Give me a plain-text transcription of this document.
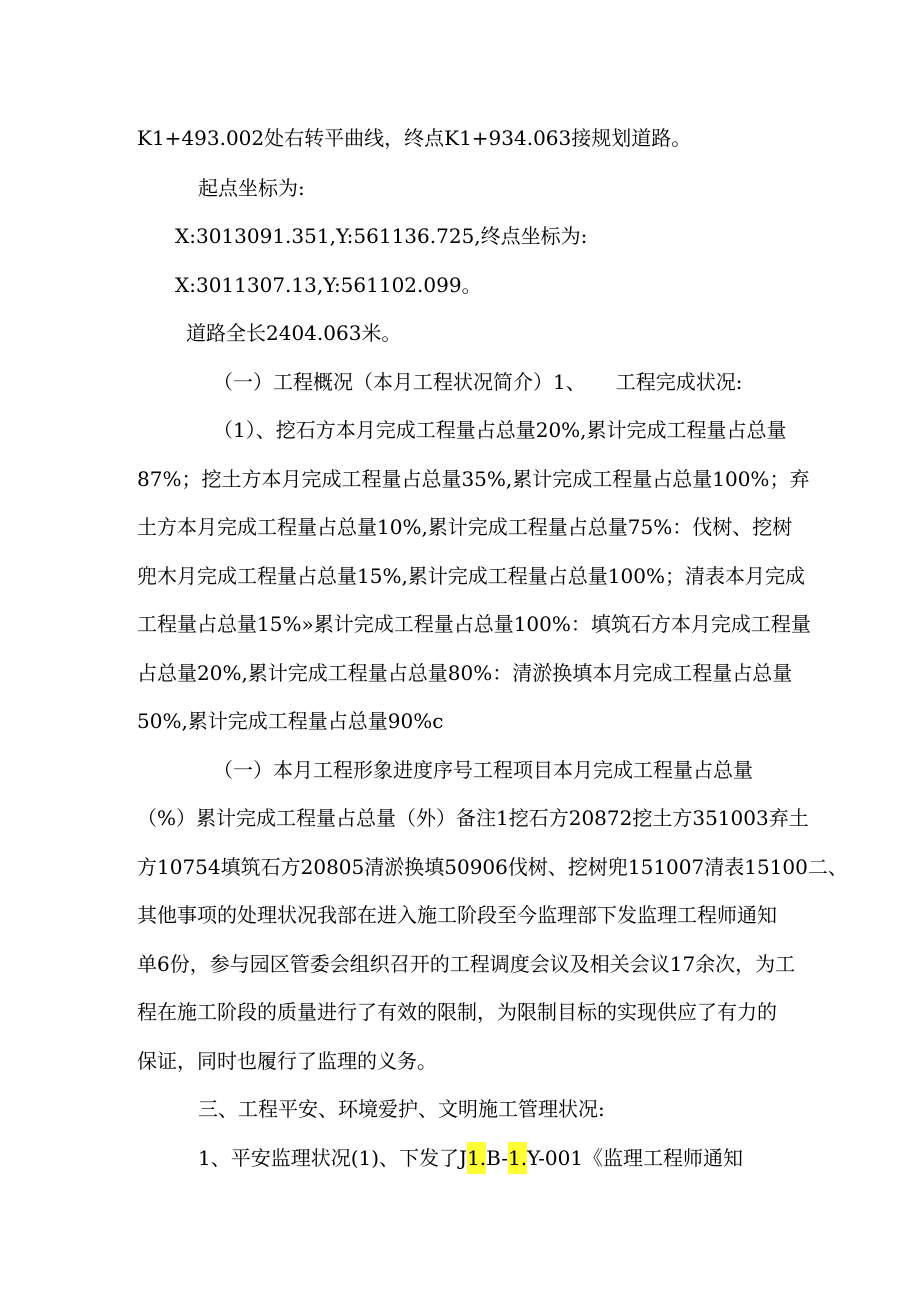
K1+493.002处右转平曲线，终点K1+934.063接规划道路。
起点坐标为:
X:3013091.351,Y:561136.725,终点坐标为:
X:3011307.13,Y:561102.099。
道路全长2404.063米。
（一）工程概况（本月工程状况简介）1、　　工程完成状况:
（1）、挖石方本月完成工程量占总量20%,累计完成工程量占总量
87%；挖土方本月完成工程量占总量35%,累计完成工程量占总量100%；弃
土方本月完成工程量占总量10%,累计完成工程量占总量75%：伐树、挖树
兜木月完成工程量占总量15%,累计完成工程量占总量100%；清表本月完成
工程量占总量15%»累计完成工程量占总量100%：填筑石方本月完成工程量
占总量20%,累计完成工程量占总量80%：清淤换填本月完成工程量占总量
50%,累计完成工程量占总量90%c
（一）本月工程形象进度序号工程项目本月完成工程量占总量
（%）累计完成工程量占总量（外）备注1挖石方20872挖土方351003弃土
方10754填筑石方20805清淤换填50906伐树、挖树兜151007清表15100二、
其他事项的处理状况我部在进入施工阶段至今监理部下发监理工程师通知
单6份，参与园区管委会组织召开的工程调度会议及相关会议17余次，为工
程在施工阶段的质量进行了有效的限制，为限制目标的实现供应了有力的
保证，同时也履行了监理的义务。
三、工程平安、环境爱护、文明施工管理状况:
1、平安监理状况(1)、下发了J1.B-1.Y-001《监理工程师通知
